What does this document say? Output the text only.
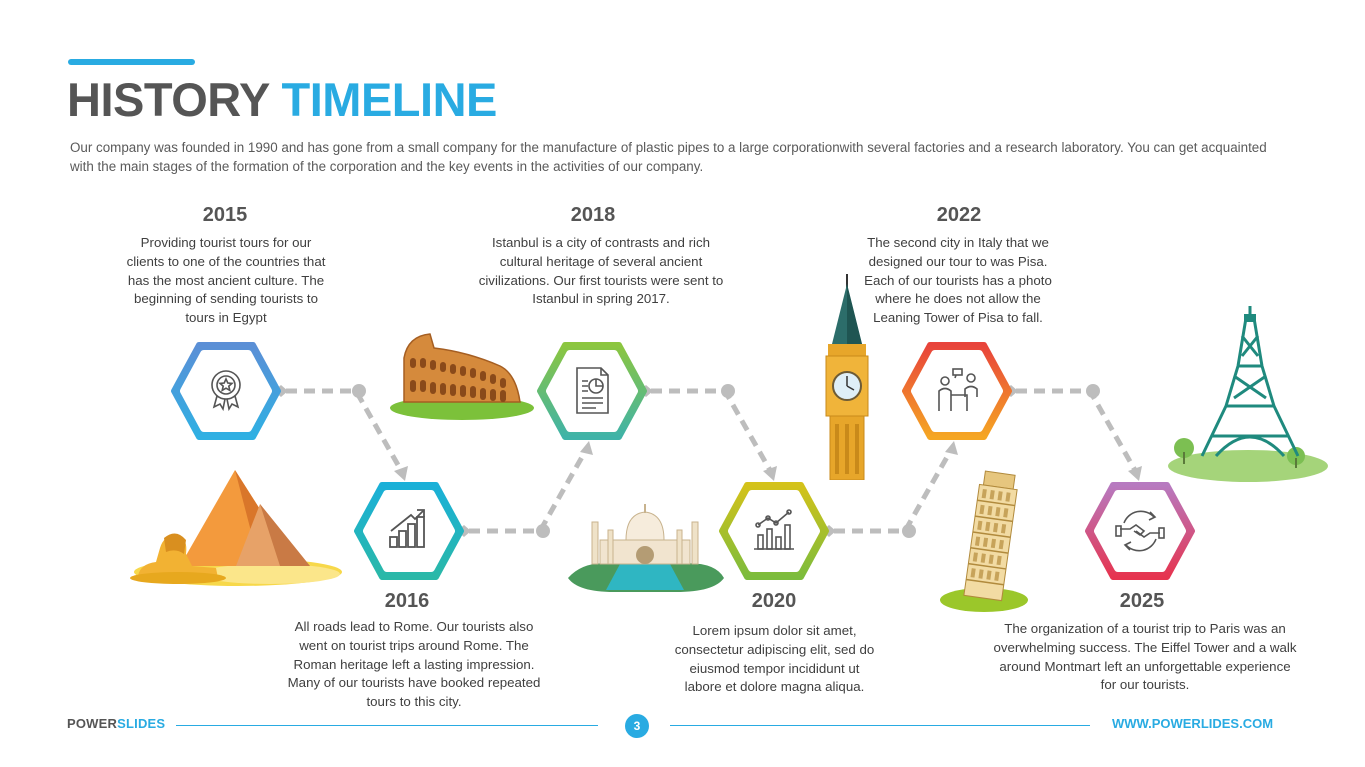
HISTORY TIMELINE

Our company was founded in 1990 and has gone from a small company for the manufacture of plastic pipes to a large corporationwith several factories and a research laboratory. You can get acquainted with the main stages of the formation of the corporation and the key events in the activities of our company.

2015

Providing tourist tours for our clients to one of the countries that has the most ancient culture. The beginning of sending tourists to tours in Egypt

2016

All roads lead to Rome. Our tourists also went on tourist trips around Rome. The Roman heritage left a lasting impression. Many of our tourists have booked repeated tours to this city.

2018

Istanbul is a city of contrasts and rich cultural heritage of several ancient civilizations. Our first tourists were sent to Istanbul in spring 2017.

2020

Lorem ipsum dolor sit amet, consectetur adipiscing elit, sed do eiusmod tempor incididunt ut labore et dolore magna aliqua.

2022

The second city in Italy that we designed our tour to was Pisa. Each of our tourists has a photo where he does not allow the Leaning Tower of Pisa to fall.

2025

The organization of a tourist trip to Paris was an overwhelming success. The Eiffel Tower and a walk around Montmart left an unforgettable experience for our tourists.

POWERSLIDES	3	WWW.POWERLIDES.COM
